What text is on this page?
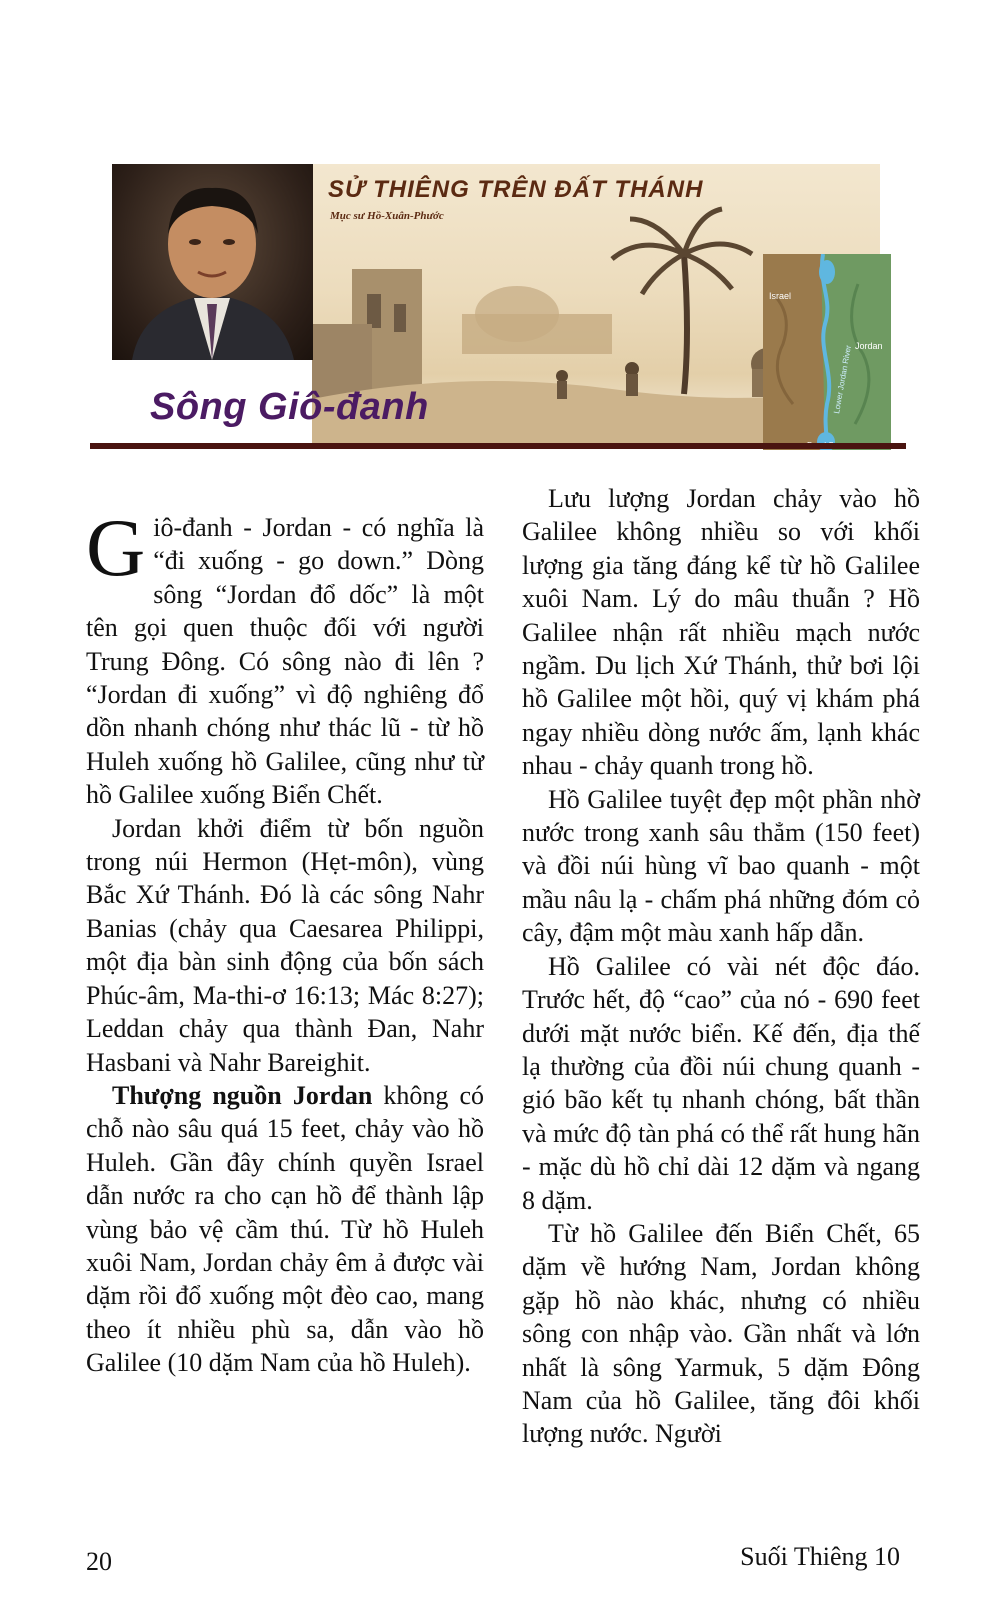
Israel
Jordan
Lower Jordan River
SỬ THIÊNG TRÊN ĐẤT THÁNH

Mục sư Hồ-Xuân-Phước

Sông Giô-đanh

Giô-đanh - Jordan - có nghĩa là “đi xuống - go down.” Dòng sông “Jordan đổ dốc” là một tên gọi quen thuộc đối với người Trung Đông. Có sông nào đi lên ? “Jordan đi xuống” vì độ nghiêng đổ dồn nhanh chóng như thác lũ - từ hồ Huleh xuống hồ Galilee, cũng như từ hồ Galilee xuống Biển Chết.

Jordan khởi điểm từ bốn nguồn trong núi Hermon (Hẹt-môn), vùng Bắc Xứ Thánh. Đó là các sông Nahr Banias (chảy qua Caesarea Philippi, một địa bàn sinh động của bốn sách Phúc-âm, Ma-thi-ơ 16:13; Mác 8:27); Leddan chảy qua thành Đan, Nahr Hasbani và Nahr Bareighit.

Thượng nguồn Jordan không có chỗ nào sâu quá 15 feet, chảy vào hồ Huleh. Gần đây chính quyền Israel dẫn nước ra cho cạn hồ để thành lập vùng bảo vệ cầm thú. Từ hồ Huleh xuôi Nam, Jordan chảy êm ả được vài dặm rồi đổ xuống một đèo cao, mang theo ít nhiều phù sa, dẫn vào hồ Galilee (10 dặm Nam của hồ Huleh).

Lưu lượng Jordan chảy vào hồ Galilee không nhiều so với khối lượng gia tăng đáng kể từ hồ Galilee xuôi Nam. Lý do mâu thuẫn ? Hồ Galilee nhận rất nhiều mạch nước ngầm. Du lịch Xứ Thánh, thử bơi lội hồ Galilee một hồi, quý vị khám phá ngay nhiều dòng nước ấm, lạnh khác nhau - chảy quanh trong hồ.

Hồ Galilee tuyệt đẹp một phần nhờ nước trong xanh sâu thẳm (150 feet) và đồi núi hùng vĩ bao quanh - một mầu nâu lạ - chấm phá những đóm cỏ cây, đậm một màu xanh hấp dẫn.

Hồ Galilee có vài nét độc đáo. Trước hết, độ “cao” của nó - 690 feet dưới mặt nước biển. Kế đến, địa thế lạ thường của đồi núi chung quanh - gió bão kết tụ nhanh chóng, bất thần và mức độ tàn phá có thể rất hung hãn - mặc dù hồ chỉ dài 12 dặm và ngang 8 dặm.

Từ hồ Galilee đến Biển Chết, 65 dặm về hướng Nam, Jordan không gặp hồ nào khác, nhưng có nhiều sông con nhập vào. Gần nhất và lớn nhất là sông Yarmuk, 5 dặm Đông Nam của hồ Galilee, tăng đôi khối lượng nước. Người

20	Suối Thiêng 10
